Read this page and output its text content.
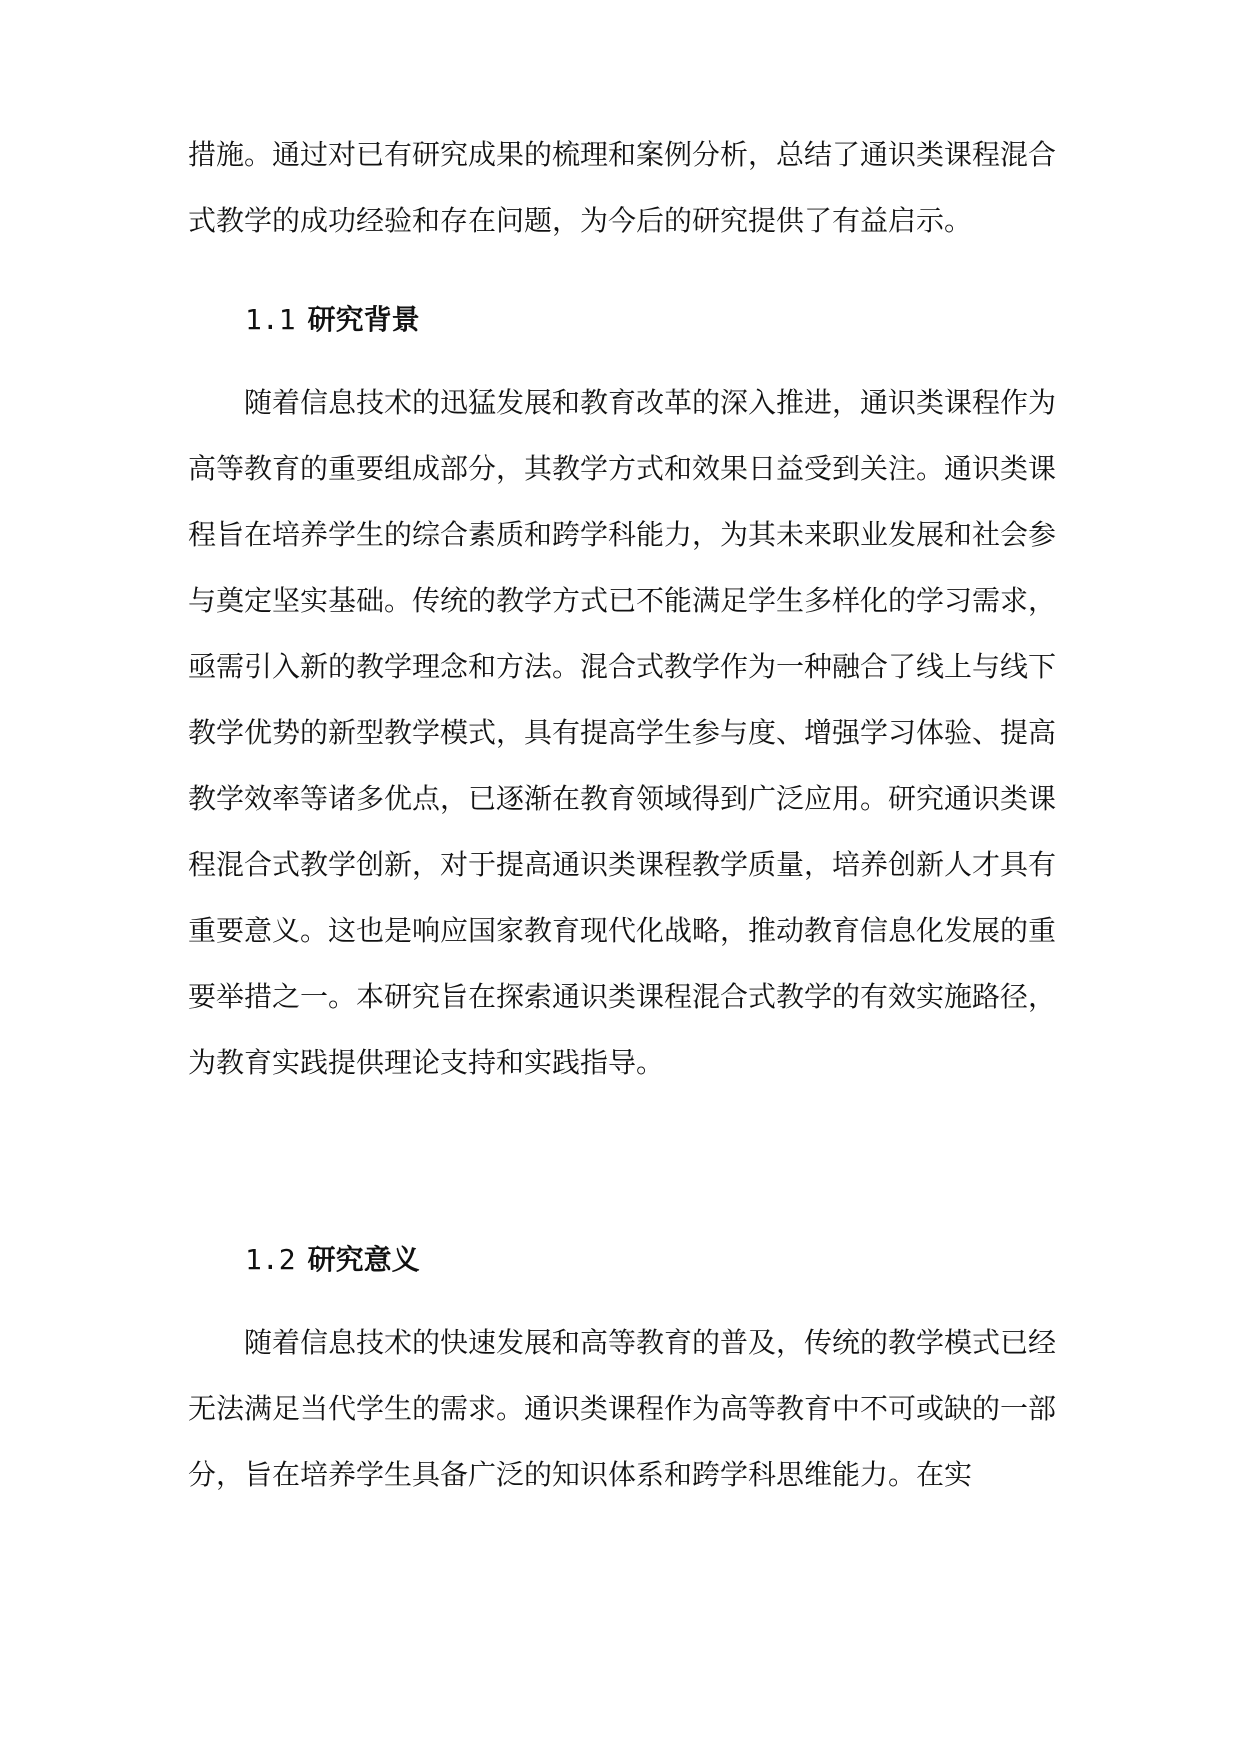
措施。通过对已有研究成果的梳理和案例分析，总结了通识类课程混合式教学的成功经验和存在问题，为今后的研究提供了有益启示。

1.1 研究背景

随着信息技术的迅猛发展和教育改革的深入推进，通识类课程作为高等教育的重要组成部分，其教学方式和效果日益受到关注。通识类课程旨在培养学生的综合素质和跨学科能力，为其未来职业发展和社会参与奠定坚实基础。传统的教学方式已不能满足学生多样化的学习需求，亟需引入新的教学理念和方法。混合式教学作为一种融合了线上与线下教学优势的新型教学模式，具有提高学生参与度、增强学习体验、提高教学效率等诸多优点，已逐渐在教育领域得到广泛应用。研究通识类课程混合式教学创新，对于提高通识类课程教学质量，培养创新人才具有重要意义。这也是响应国家教育现代化战略，推动教育信息化发展的重要举措之一。本研究旨在探索通识类课程混合式教学的有效实施路径，为教育实践提供理论支持和实践指导。

1.2 研究意义

随着信息技术的快速发展和高等教育的普及，传统的教学模式已经无法满足当代学生的需求。通识类课程作为高等教育中不可或缺的一部分，旨在培养学生具备广泛的知识体系和跨学科思维能力。在实
